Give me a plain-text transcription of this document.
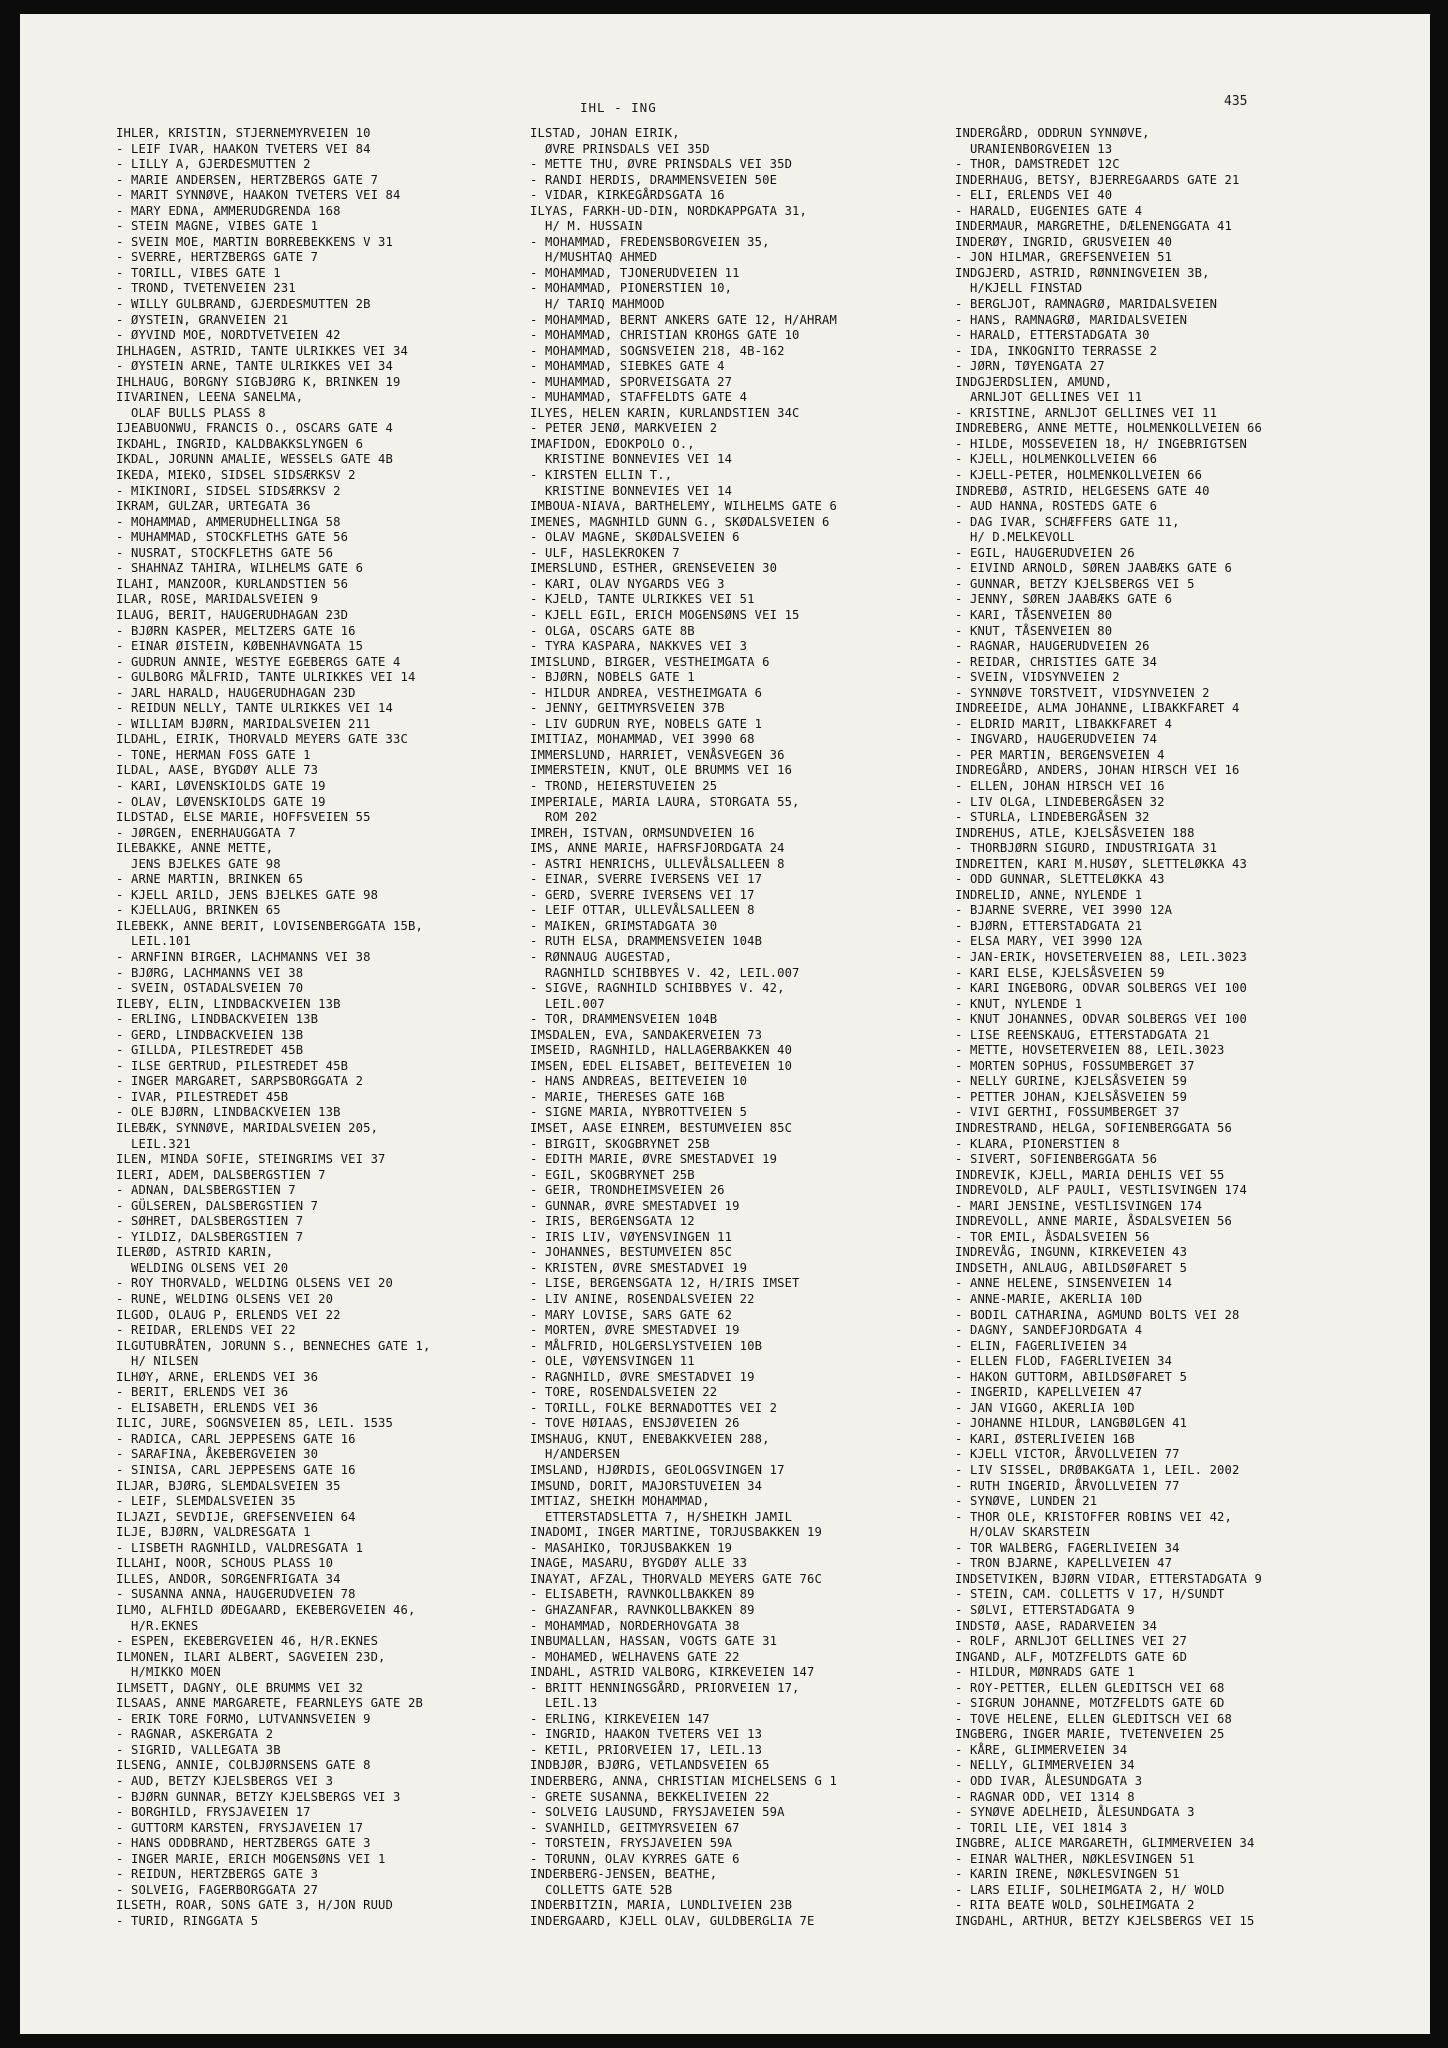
IHL - ING	435
IHLER, KRISTIN, STJERNEMYRVEIEN 10
- LEIF IVAR, HAAKON TVETERS VEI 84
- LILLY A, GJERDESMUTTEN 2
- MARIE ANDERSEN, HERTZBERGS GATE 7
- MARIT SYNNØVE, HAAKON TVETERS VEI 84
- MARY EDNA, AMMERUDGRENDA 168
- STEIN MAGNE, VIBES GATE 1
- SVEIN MOE, MARTIN BORREBEKKENS V 31
- SVERRE, HERTZBERGS GATE 7
- TORILL, VIBES GATE 1
- TROND, TVETENVEIEN 231
- WILLY GULBRAND, GJERDESMUTTEN 2B
- ØYSTEIN, GRANVEIEN 21
- ØYVIND MOE, NORDTVETVEIEN 42
IHLHAGEN, ASTRID, TANTE ULRIKKES VEI 34
- ØYSTEIN ARNE, TANTE ULRIKKES VEI 34
IHLHAUG, BORGNY SIGBJØRG K, BRINKEN 19
IIVARINEN, LEENA SANELMA,
OLAF BULLS PLASS 8
IJEABUONWU, FRANCIS O., OSCARS GATE 4
IKDAHL, INGRID, KALDBAKKSLYNGEN 6
IKDAL, JORUNN AMALIE, WESSELS GATE 4B
IKEDA, MIEKO, SIDSEL SIDSÆRKSV 2
- MIKINORI, SIDSEL SIDSÆRKSV 2
IKRAM, GULZAR, URTEGATA 36
- MOHAMMAD, AMMERUDHELLINGA 58
- MUHAMMAD, STOCKFLETHS GATE 56
- NUSRAT, STOCKFLETHS GATE 56
- SHAHNAZ TAHIRA, WILHELMS GATE 6
ILAHI, MANZOOR, KURLANDSTIEN 56
ILAR, ROSE, MARIDALSVEIEN 9
ILAUG, BERIT, HAUGERUDHAGAN 23D
- BJØRN KASPER, MELTZERS GATE 16
- EINAR ØISTEIN, KØBENHAVNGATA 15
- GUDRUN ANNIE, WESTYE EGEBERGS GATE 4
- GULBORG MÅLFRID, TANTE ULRIKKES VEI 14
- JARL HARALD, HAUGERUDHAGAN 23D
- REIDUN NELLY, TANTE ULRIKKES VEI 14
- WILLIAM BJØRN, MARIDALSVEIEN 211
ILDAHL, EIRIK, THORVALD MEYERS GATE 33C
- TONE, HERMAN FOSS GATE 1
ILDAL, AASE, BYGDØY ALLE 73
- KARI, LØVENSKIOLDS GATE 19
- OLAV, LØVENSKIOLDS GATE 19
ILDSTAD, ELSE MARIE, HOFFSVEIEN 55
- JØRGEN, ENERHAUGGATA 7
ILEBAKKE, ANNE METTE,
JENS BJELKES GATE 98
- ARNE MARTIN, BRINKEN 65
- KJELL ARILD, JENS BJELKES GATE 98
- KJELLAUG, BRINKEN 65
ILEBEKK, ANNE BERIT, LOVISENBERGGATA 15B,
LEIL.101
- ARNFINN BIRGER, LACHMANNS VEI 38
- BJØRG, LACHMANNS VEI 38
- SVEIN, OSTADALSVEIEN 70
ILEBY, ELIN, LINDBACKVEIEN 13B
- ERLING, LINDBACKVEIEN 13B
- GERD, LINDBACKVEIEN 13B
- GILLDA, PILESTREDET 45B
- ILSE GERTRUD, PILESTREDET 45B
- INGER MARGARET, SARPSBORGGATA 2
- IVAR, PILESTREDET 45B
- OLE BJØRN, LINDBACKVEIEN 13B
ILEBÆK, SYNNØVE, MARIDALSVEIEN 205,
LEIL.321
ILEN, MINDA SOFIE, STEINGRIMS VEI 37
ILERI, ADEM, DALSBERGSTIEN 7
- ADNAN, DALSBERGSTIEN 7
- GÜLSEREN, DALSBERGSTIEN 7
- SØHRET, DALSBERGSTIEN 7
- YILDIZ, DALSBERGSTIEN 7
ILERØD, ASTRID KARIN,
WELDING OLSENS VEI 20
- ROY THORVALD, WELDING OLSENS VEI 20
- RUNE, WELDING OLSENS VEI 20
ILGOD, OLAUG P, ERLENDS VEI 22
- REIDAR, ERLENDS VEI 22
ILGUTUBRÅTEN, JORUNN S., BENNECHES GATE 1,
H/ NILSEN
ILHØY, ARNE, ERLENDS VEI 36
- BERIT, ERLENDS VEI 36
- ELISABETH, ERLENDS VEI 36
ILIC, JURE, SOGNSVEIEN 85, LEIL. 1535
- RADICA, CARL JEPPESENS GATE 16
- SARAFINA, ÅKEBERGVEIEN 30
- SINISA, CARL JEPPESENS GATE 16
ILJAR, BJØRG, SLEMDALSVEIEN 35
- LEIF, SLEMDALSVEIEN 35
ILJAZI, SEVDIJE, GREFSENVEIEN 64
ILJE, BJØRN, VALDRESGATA 1
- LISBETH RAGNHILD, VALDRESGATA 1
ILLAHI, NOOR, SCHOUS PLASS 10
ILLES, ANDOR, SORGENFRIGATA 34
- SUSANNA ANNA, HAUGERUDVEIEN 78
ILMO, ALFHILD ØDEGAARD, EKEBERGVEIEN 46,
H/R.EKNES
- ESPEN, EKEBERGVEIEN 46, H/R.EKNES
ILMONEN, ILARI ALBERT, SAGVEIEN 23D,
H/MIKKO MOEN
ILMSETT, DAGNY, OLE BRUMMS VEI 32
ILSAAS, ANNE MARGARETE, FEARNLEYS GATE 2B
- ERIK TORE FORMO, LUTVANNSVEIEN 9
- RAGNAR, ASKERGATA 2
- SIGRID, VALLEGATA 3B
ILSENG, ANNIE, COLBJØRNSENS GATE 8
- AUD, BETZY KJELSBERGS VEI 3
- BJØRN GUNNAR, BETZY KJELSBERGS VEI 3
- BORGHILD, FRYSJAVEIEN 17
- GUTTORM KARSTEN, FRYSJAVEIEN 17
- HANS ODDBRAND, HERTZBERGS GATE 3
- INGER MARIE, ERICH MOGENSØNS VEI 1
- REIDUN, HERTZBERGS GATE 3
- SOLVEIG, FAGERBORGGATA 27
ILSETH, ROAR, SONS GATE 3, H/JON RUUD
- TURID, RINGGATA 5
ILSTAD, JOHAN EIRIK,
ØVRE PRINSDALS VEI 35D
- METTE THU, ØVRE PRINSDALS VEI 35D
- RANDI HERDIS, DRAMMENSVEIEN 50E
- VIDAR, KIRKEGÅRDSGATA 16
ILYAS, FARKH-UD-DIN, NORDKAPPGATA 31,
H/ M. HUSSAIN
- MOHAMMAD, FREDENSBORGVEIEN 35,
H/MUSHTAQ AHMED
- MOHAMMAD, TJONERUDVEIEN 11
- MOHAMMAD, PIONERSTIEN 10,
H/ TARIQ MAHMOOD
- MOHAMMAD, BERNT ANKERS GATE 12, H/AHRAM
- MOHAMMAD, CHRISTIAN KROHGS GATE 10
- MOHAMMAD, SOGNSVEIEN 218, 4B-162
- MOHAMMAD, SIEBKES GATE 4
- MUHAMMAD, SPORVEISGATA 27
- MUHAMMAD, STAFFELDTS GATE 4
ILYES, HELEN KARIN, KURLANDSTIEN 34C
- PETER JENØ, MARKVEIEN 2
IMAFIDON, EDOKPOLO O.,
KRISTINE BONNEVIES VEI 14
- KIRSTEN ELLIN T.,
KRISTINE BONNEVIES VEI 14
IMBOUA-NIAVA, BARTHELEMY, WILHELMS GATE 6
IMENES, MAGNHILD GUNN G., SKØDALSVEIEN 6
- OLAV MAGNE, SKØDALSVEIEN 6
- ULF, HASLEKROKEN 7
IMERSLUND, ESTHER, GRENSEVEIEN 30
- KARI, OLAV NYGARDS VEG 3
- KJELD, TANTE ULRIKKES VEI 51
- KJELL EGIL, ERICH MOGENSØNS VEI 15
- OLGA, OSCARS GATE 8B
- TYRA KASPARA, NAKKVES VEI 3
IMISLUND, BIRGER, VESTHEIMGATA 6
- BJØRN, NOBELS GATE 1
- HILDUR ANDREA, VESTHEIMGATA 6
- JENNY, GEITMYRSVEIEN 37B
- LIV GUDRUN RYE, NOBELS GATE 1
IMITIAZ, MOHAMMAD, VEI 3990 68
IMMERSLUND, HARRIET, VENÅSVEGEN 36
IMMERSTEIN, KNUT, OLE BRUMMS VEI 16
- TROND, HEIERSTUVEIEN 25
IMPERIALE, MARIA LAURA, STORGATA 55,
ROM 202
IMREH, ISTVAN, ORMSUNDVEIEN 16
IMS, ANNE MARIE, HAFRSFJORDGATA 24
- ASTRI HENRICHS, ULLEVÅLSALLEEN 8
- EINAR, SVERRE IVERSENS VEI 17
- GERD, SVERRE IVERSENS VEI 17
- LEIF OTTAR, ULLEVÅLSALLEEN 8
- MAIKEN, GRIMSTADGATA 30
- RUTH ELSA, DRAMMENSVEIEN 104B
- RØNNAUG AUGESTAD,
RAGNHILD SCHIBBYES V. 42, LEIL.007
- SIGVE, RAGNHILD SCHIBBYES V. 42,
LEIL.007
- TOR, DRAMMENSVEIEN 104B
IMSDALEN, EVA, SANDAKERVEIEN 73
IMSEID, RAGNHILD, HALLAGERBAKKEN 40
IMSEN, EDEL ELISABET, BEITEVEIEN 10
- HANS ANDREAS, BEITEVEIEN 10
- MARIE, THERESES GATE 16B
- SIGNE MARIA, NYBROTTVEIEN 5
IMSET, AASE EINREM, BESTUMVEIEN 85C
- BIRGIT, SKOGBRYNET 25B
- EDITH MARIE, ØVRE SMESTADVEI 19
- EGIL, SKOGBRYNET 25B
- GEIR, TRONDHEIMSVEIEN 26
- GUNNAR, ØVRE SMESTADVEI 19
- IRIS, BERGENSGATA 12
- IRIS LIV, VØYENSVINGEN 11
- JOHANNES, BESTUMVEIEN 85C
- KRISTEN, ØVRE SMESTADVEI 19
- LISE, BERGENSGATA 12, H/IRIS IMSET
- LIV ANINE, ROSENDALSVEIEN 22
- MARY LOVISE, SARS GATE 62
- MORTEN, ØVRE SMESTADVEI 19
- MÅLFRID, HOLGERSLYSTVEIEN 10B
- OLE, VØYENSVINGEN 11
- RAGNHILD, ØVRE SMESTADVEI 19
- TORE, ROSENDALSVEIEN 22
- TORILL, FOLKE BERNADOTTES VEI 2
- TOVE HØIAAS, ENSJØVEIEN 26
IMSHAUG, KNUT, ENEBAKKVEIEN 288,
H/ANDERSEN
IMSLAND, HJØRDIS, GEOLOGSVINGEN 17
IMSUND, DORIT, MAJORSTUVEIEN 34
IMTIAZ, SHEIKH MOHAMMAD,
ETTERSTADSLETTA 7, H/SHEIKH JAMIL
INADOMI, INGER MARTINE, TORJUSBAKKEN 19
- MASAHIKO, TORJUSBAKKEN 19
INAGE, MASARU, BYGDØY ALLE 33
INAYAT, AFZAL, THORVALD MEYERS GATE 76C
- ELISABETH, RAVNKOLLBAKKEN 89
- GHAZANFAR, RAVNKOLLBAKKEN 89
- MOHAMMAD, NORDERHOVGATA 38
INBUMALLAN, HASSAN, VOGTS GATE 31
- MOHAMED, WELHAVENS GATE 22
INDAHL, ASTRID VALBORG, KIRKEVEIEN 147
- BRITT HENNINGSGÅRD, PRIORVEIEN 17,
LEIL.13
- ERLING, KIRKEVEIEN 147
- INGRID, HAAKON TVETERS VEI 13
- KETIL, PRIORVEIEN 17, LEIL.13
INDBJØR, BJØRG, VETLANDSVEIEN 65
INDERBERG, ANNA, CHRISTIAN MICHELSENS G 1
- GRETE SUSANNA, BEKKELIVEIEN 22
- SOLVEIG LAUSUND, FRYSJAVEIEN 59A
- SVANHILD, GEITMYRSVEIEN 67
- TORSTEIN, FRYSJAVEIEN 59A
- TORUNN, OLAV KYRRES GATE 6
INDERBERG-JENSEN, BEATHE,
COLLETTS GATE 52B
INDERBITZIN, MARIA, LUNDLIVEIEN 23B
INDERGAARD, KJELL OLAV, GULDBERGLIA 7E
INDERGÅRD, ODDRUN SYNNØVE,
URANIENBORGVEIEN 13
- THOR, DAMSTREDET 12C
INDERHAUG, BETSY, BJERREGAARDS GATE 21
- ELI, ERLENDS VEI 40
- HARALD, EUGENIES GATE 4
INDERMAUR, MARGRETHE, DÆLENENGGATA 41
INDERØY, INGRID, GRUSVEIEN 40
- JON HILMAR, GREFSENVEIEN 51
INDGJERD, ASTRID, RØNNINGVEIEN 3B,
H/KJELL FINSTAD
- BERGLJOT, RAMNAGRØ, MARIDALSVEIEN
- HANS, RAMNAGRØ, MARIDALSVEIEN
- HARALD, ETTERSTADGATA 30
- IDA, INKOGNITO TERRASSE 2
- JØRN, TØYENGATA 27
INDGJERDSLIEN, AMUND,
ARNLJOT GELLINES VEI 11
- KRISTINE, ARNLJOT GELLINES VEI 11
INDREBERG, ANNE METTE, HOLMENKOLLVEIEN 66
- HILDE, MOSSEVEIEN 18, H/ INGEBRIGTSEN
- KJELL, HOLMENKOLLVEIEN 66
- KJELL-PETER, HOLMENKOLLVEIEN 66
INDREBØ, ASTRID, HELGESENS GATE 40
- AUD HANNA, ROSTEDS GATE 6
- DAG IVAR, SCHÆFFERS GATE 11,
H/ D.MELKEVOLL
- EGIL, HAUGERUDVEIEN 26
- EIVIND ARNOLD, SØREN JAABÆKS GATE 6
- GUNNAR, BETZY KJELSBERGS VEI 5
- JENNY, SØREN JAABÆKS GATE 6
- KARI, TÅSENVEIEN 80
- KNUT, TÅSENVEIEN 80
- RAGNAR, HAUGERUDVEIEN 26
- REIDAR, CHRISTIES GATE 34
- SVEIN, VIDSYNVEIEN 2
- SYNNØVE TORSTVEIT, VIDSYNVEIEN 2
INDREEIDE, ALMA JOHANNE, LIBAKKFARET 4
- ELDRID MARIT, LIBAKKFARET 4
- INGVARD, HAUGERUDVEIEN 74
- PER MARTIN, BERGENSVEIEN 4
INDREGÅRD, ANDERS, JOHAN HIRSCH VEI 16
- ELLEN, JOHAN HIRSCH VEI 16
- LIV OLGA, LINDEBERGÅSEN 32
- STURLA, LINDEBERGÅSEN 32
INDREHUS, ATLE, KJELSÅSVEIEN 188
- THORBJØRN SIGURD, INDUSTRIGATA 31
INDREITEN, KARI M.HUSØY, SLETTELØKKA 43
- ODD GUNNAR, SLETTELØKKA 43
INDRELID, ANNE, NYLENDE 1
- BJARNE SVERRE, VEI 3990 12A
- BJØRN, ETTERSTADGATA 21
- ELSA MARY, VEI 3990 12A
- JAN-ERIK, HOVSETERVEIEN 88, LEIL.3023
- KARI ELSE, KJELSÅSVEIEN 59
- KARI INGEBORG, ODVAR SOLBERGS VEI 100
- KNUT, NYLENDE 1
- KNUT JOHANNES, ODVAR SOLBERGS VEI 100
- LISE REENSKAUG, ETTERSTADGATA 21
- METTE, HOVSETERVEIEN 88, LEIL.3023
- MORTEN SOPHUS, FOSSUMBERGET 37
- NELLY GURINE, KJELSÅSVEIEN 59
- PETTER JOHAN, KJELSÅSVEIEN 59
- VIVI GERTHI, FOSSUMBERGET 37
INDRESTRAND, HELGA, SOFIENBERGGATA 56
- KLARA, PIONERSTIEN 8
- SIVERT, SOFIENBERGGATA 56
INDREVIK, KJELL, MARIA DEHLIS VEI 55
INDREVOLD, ALF PAULI, VESTLISVINGEN 174
- MARI JENSINE, VESTLISVINGEN 174
INDREVOLL, ANNE MARIE, ÅSDALSVEIEN 56
- TOR EMIL, ÅSDALSVEIEN 56
INDREVÅG, INGUNN, KIRKEVEIEN 43
INDSETH, ANLAUG, ABILDSØFARET 5
- ANNE HELENE, SINSENVEIEN 14
- ANNE-MARIE, AKERLIA 10D
- BODIL CATHARINA, AGMUND BOLTS VEI 28
- DAGNY, SANDEFJORDGATA 4
- ELIN, FAGERLIVEIEN 34
- ELLEN FLOD, FAGERLIVEIEN 34
- HAKON GUTTORM, ABILDSØFARET 5
- INGERID, KAPELLVEIEN 47
- JAN VIGGO, AKERLIA 10D
- JOHANNE HILDUR, LANGBØLGEN 41
- KARI, ØSTERLIVEIEN 16B
- KJELL VICTOR, ÅRVOLLVEIEN 77
- LIV SISSEL, DRØBAKGATA 1, LEIL. 2002
- RUTH INGERID, ÅRVOLLVEIEN 77
- SYNØVE, LUNDEN 21
- THOR OLE, KRISTOFFER ROBINS VEI 42,
H/OLAV SKARSTEIN
- TOR WALBERG, FAGERLIVEIEN 34
- TRON BJARNE, KAPELLVEIEN 47
INDSETVIKEN, BJØRN VIDAR, ETTERSTADGATA 9
- STEIN, CAM. COLLETTS V 17, H/SUNDT
- SØLVI, ETTERSTADGATA 9
INDSTØ, AASE, RADARVEIEN 34
- ROLF, ARNLJOT GELLINES VEI 27
INGAND, ALF, MOTZFELDTS GATE 6D
- HILDUR, MØNRADS GATE 1
- ROY-PETTER, ELLEN GLEDITSCH VEI 68
- SIGRUN JOHANNE, MOTZFELDTS GATE 6D
- TOVE HELENE, ELLEN GLEDITSCH VEI 68
INGBERG, INGER MARIE, TVETENVEIEN 25
- KÅRE, GLIMMERVEIEN 34
- NELLY, GLIMMERVEIEN 34
- ODD IVAR, ÅLESUNDGATA 3
- RAGNAR ODD, VEI 1314 8
- SYNØVE ADELHEID, ÅLESUNDGATA 3
- TORIL LIE, VEI 1814 3
INGBRE, ALICE MARGARETH, GLIMMERVEIEN 34
- EINAR WALTHER, NØKLESVINGEN 51
- KARIN IRENE, NØKLESVINGEN 51
- LARS EILIF, SOLHEIMGATA 2, H/ WOLD
- RITA BEATE WOLD, SOLHEIMGATA 2
INGDAHL, ARTHUR, BETZY KJELSBERGS VEI 15
